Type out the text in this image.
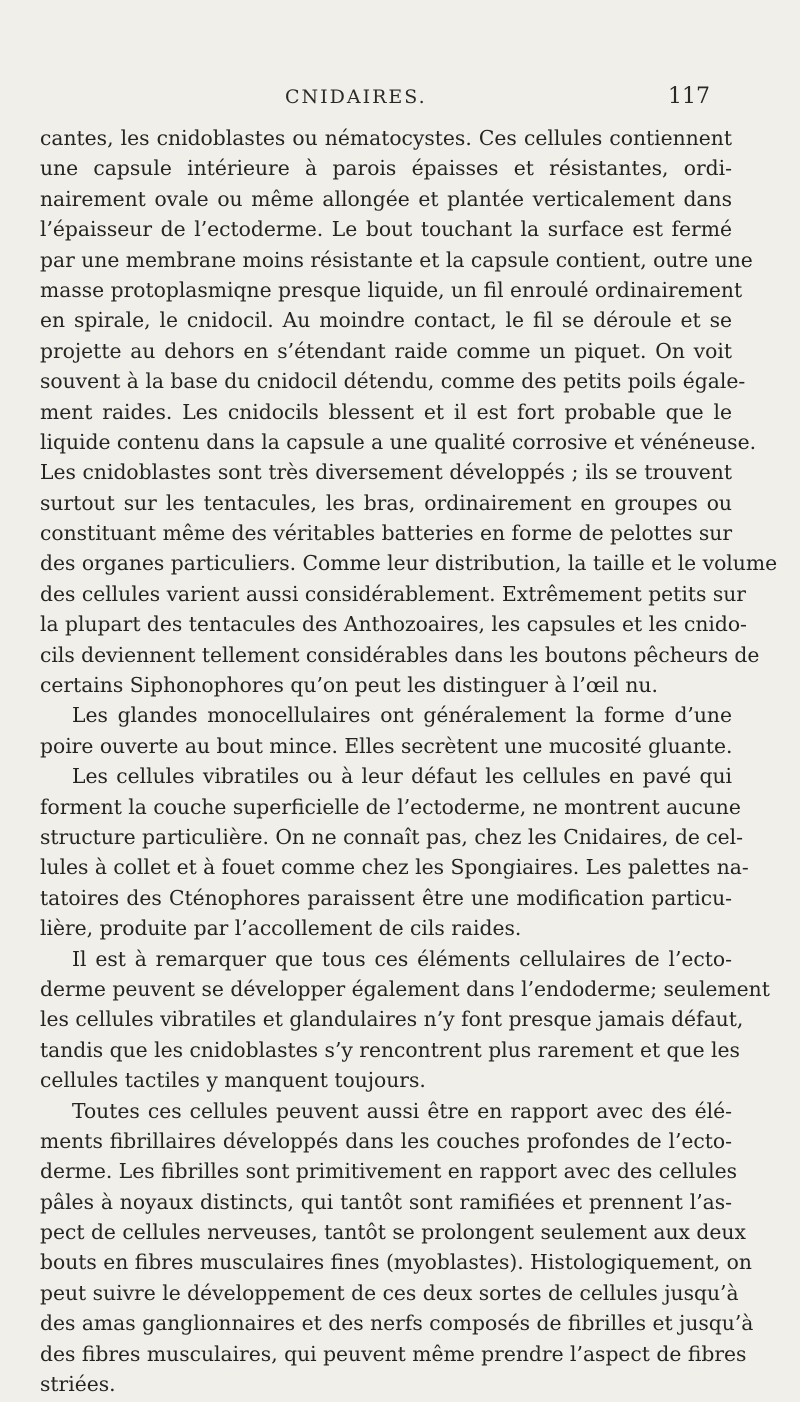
CNIDAIRES.	117
cantes, les cnidoblastes ou nématocystes. Ces cellules contiennent
une capsule intérieure à parois épaisses et résistantes, ordi-
nairement ovale ou même allongée et plantée verticalement dans
l’épaisseur de l’ectoderme. Le bout touchant la surface est fermé
par une membrane moins résistante et la capsule contient, outre une
masse protoplasmiqne presque liquide, un fil enroulé ordinairement
en spirale, le cnidocil. Au moindre contact, le fil se déroule et se
projette au dehors en s’étendant raide comme un piquet. On voit
souvent à la base du cnidocil détendu, comme des petits poils égale-
ment raides. Les cnidocils blessent et il est fort probable que le
liquide contenu dans la capsule a une qualité corrosive et vénéneuse.
Les cnidoblastes sont très diversement développés ; ils se trouvent
surtout sur les tentacules, les bras, ordinairement en groupes ou
constituant même des véritables batteries en forme de pelottes sur
des organes particuliers. Comme leur distribution, la taille et le volume
des cellules varient aussi considérablement. Extrêmement petits sur
la plupart des tentacules des Anthozoaires, les capsules et les cnido-
cils deviennent tellement considérables dans les boutons pêcheurs de
certains Siphonophores qu’on peut les distinguer à l’œil nu.
Les glandes monocellulaires ont généralement la forme d’une
poire ouverte au bout mince. Elles secrètent une mucosité gluante.
Les cellules vibratiles ou à leur défaut les cellules en pavé qui
forment la couche superficielle de l’ectoderme, ne montrent aucune
structure particulière. On ne connaît pas, chez les Cnidaires, de cel-
lules à collet et à fouet comme chez les Spongiaires. Les palettes na-
tatoires des Cténophores paraissent être une modification particu-
lière, produite par l’accollement de cils raides.
Il est à remarquer que tous ces éléments cellulaires de l’ecto-
derme peuvent se développer également dans l’endoderme; seulement
les cellules vibratiles et glandulaires n’y font presque jamais défaut,
tandis que les cnidoblastes s’y rencontrent plus rarement et que les
cellules tactiles y manquent toujours.
Toutes ces cellules peuvent aussi être en rapport avec des élé-
ments fibrillaires développés dans les couches profondes de l’ecto-
derme. Les fibrilles sont primitivement en rapport avec des cellules
pâles à noyaux distincts, qui tantôt sont ramifiées et prennent l’as-
pect de cellules nerveuses, tantôt se prolongent seulement aux deux
bouts en fibres musculaires fines (myoblastes). Histologiquement, on
peut suivre le développement de ces deux sortes de cellules jusqu’à
des amas ganglionnaires et des nerfs composés de fibrilles et jusqu’à
des fibres musculaires, qui peuvent même prendre l’aspect de fibres
striées.
